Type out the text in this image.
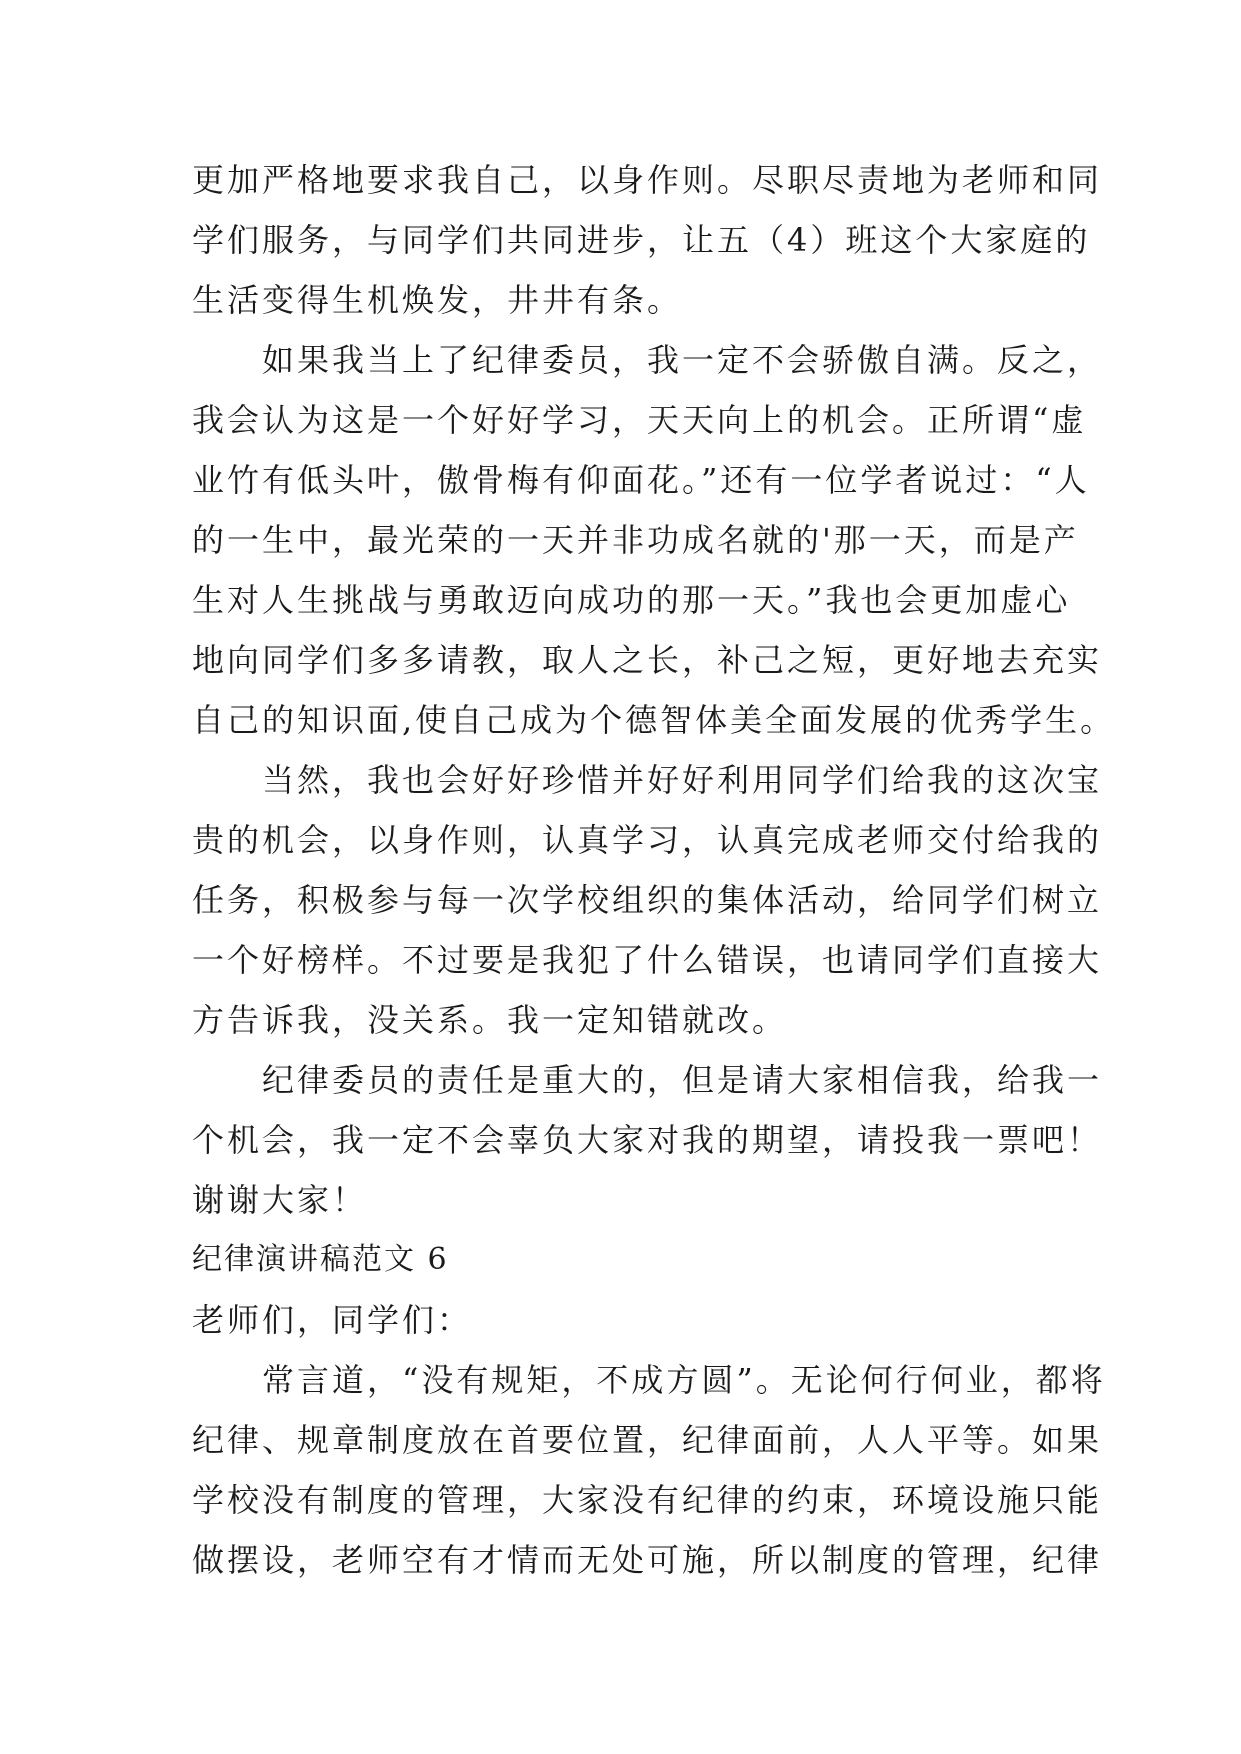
更加严格地要求我自己，以身作则。尽职尽责地为老师和同
学们服务，与同学们共同进步，让五（4）班这个大家庭的
生活变得生机焕发，井井有条。
　　如果我当上了纪律委员，我一定不会骄傲自满。反之，
我会认为这是一个好好学习，天天向上的机会。正所谓“虚
业竹有低头叶，傲骨梅有仰面花。”还有一位学者说过：“人
的一生中，最光荣的一天并非功成名就的'那一天，而是产
生对人生挑战与勇敢迈向成功的那一天。”我也会更加虚心
地向同学们多多请教，取人之长，补己之短，更好地去充实
自己的知识面,使自己成为个德智体美全面发展的优秀学生。
　　当然，我也会好好珍惜并好好利用同学们给我的这次宝
贵的机会，以身作则，认真学习，认真完成老师交付给我的
任务，积极参与每一次学校组织的集体活动，给同学们树立
一个好榜样。不过要是我犯了什么错误，也请同学们直接大
方告诉我，没关系。我一定知错就改。
　　纪律委员的责任是重大的，但是请大家相信我，给我一
个机会，我一定不会辜负大家对我的期望，请投我一票吧！
谢谢大家！
纪律演讲稿范文 6
老师们，同学们：
　　常言道，“没有规矩，不成方圆”。无论何行何业，都将
纪律、规章制度放在首要位置，纪律面前，人人平等。如果
学校没有制度的管理，大家没有纪律的约束，环境设施只能
做摆设，老师空有才情而无处可施，所以制度的管理，纪律
